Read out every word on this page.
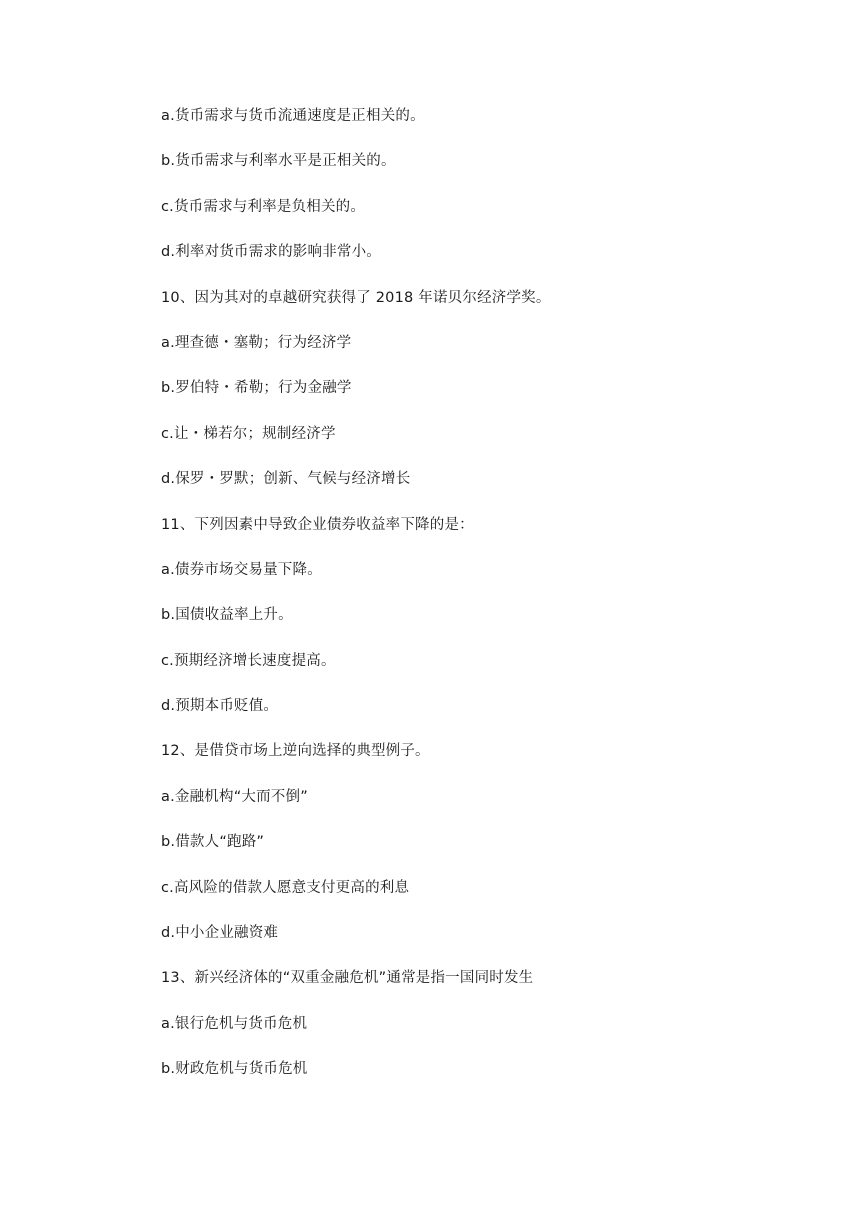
a.货币需求与货币流通速度是正相关的。
b.货币需求与利率水平是正相关的。
c.货币需求与利率是负相关的。
d.利率对货币需求的影响非常小。
10、因为其对的卓越研究获得了 2018 年诺贝尔经济学奖。
a.理查德・塞勒；行为经济学
b.罗伯特・希勒；行为金融学
c.让・梯若尔；规制经济学
d.保罗・罗默；创新、气候与经济增长
11、下列因素中导致企业债券收益率下降的是：
a.债券市场交易量下降。
b.国债收益率上升。
c.预期经济增长速度提高。
d.预期本币贬值。
12、是借贷市场上逆向选择的典型例子。
a.金融机构“大而不倒”
b.借款人“跑路”
c.高风险的借款人愿意支付更高的利息
d.中小企业融资难
13、新兴经济体的“双重金融危机”通常是指一国同时发生
a.银行危机与货币危机
b.财政危机与货币危机
